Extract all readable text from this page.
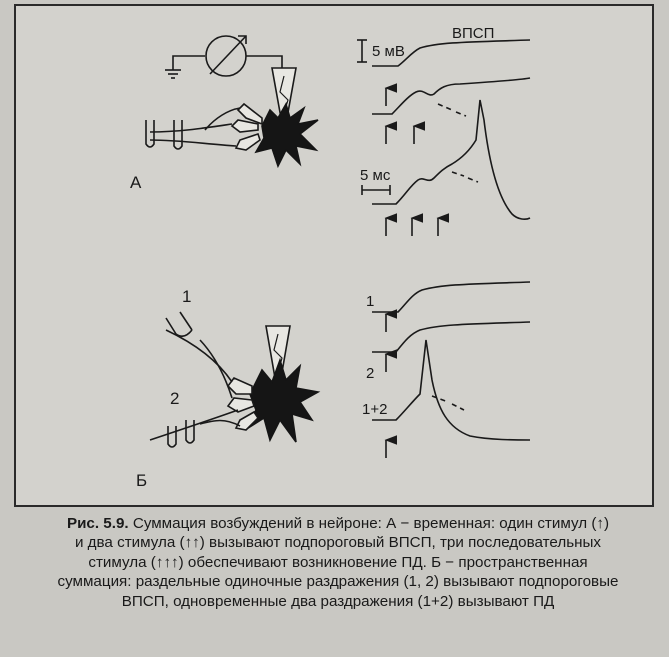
А
5 мВ
ВПСП
5 мс
1
2
Б
1
2
1+2
Рис. 5.9. Суммация возбуждений в нейроне: А − временная: один стимул (↑)
и два стимула (↑↑) вызывают подпороговый ВПСП, три последовательных
стимула (↑↑↑) обеспечивают возникновение ПД. Б − пространственная
суммация: раздельные одиночные раздражения (1, 2) вызывают подпороговые
ВПСП, одновременные два раздражения (1+2) вызывают ПД
